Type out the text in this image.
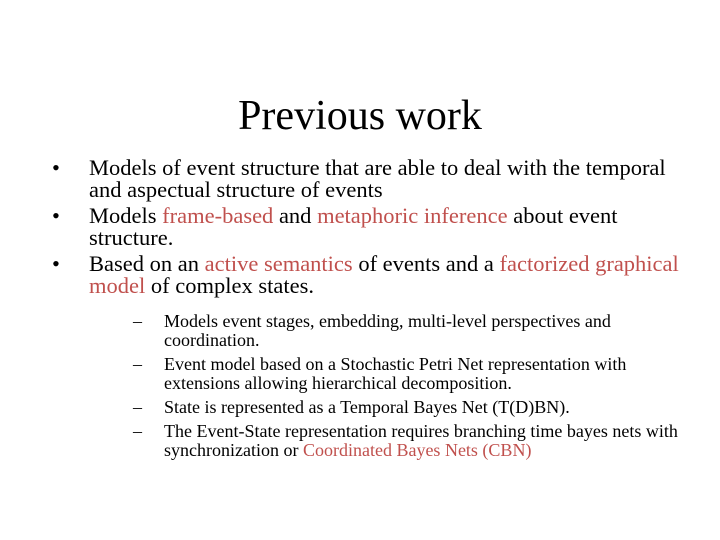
Previous work
•	Models of event structure that are able to deal with the temporal and aspectual structure of events
•	Models frame-based and metaphoric inference about event structure.
•	Based on an active semantics of events and a factorized graphical model of complex states.
– Models event stages, embedding, multi-level perspectives and coordination.
– Event model based on a Stochastic Petri Net representation with extensions allowing hierarchical decomposition.
– State is represented as a Temporal Bayes Net (T(D)BN).
– The Event-State representation requires branching time bayes nets with synchronization or Coordinated Bayes Nets (CBN)
